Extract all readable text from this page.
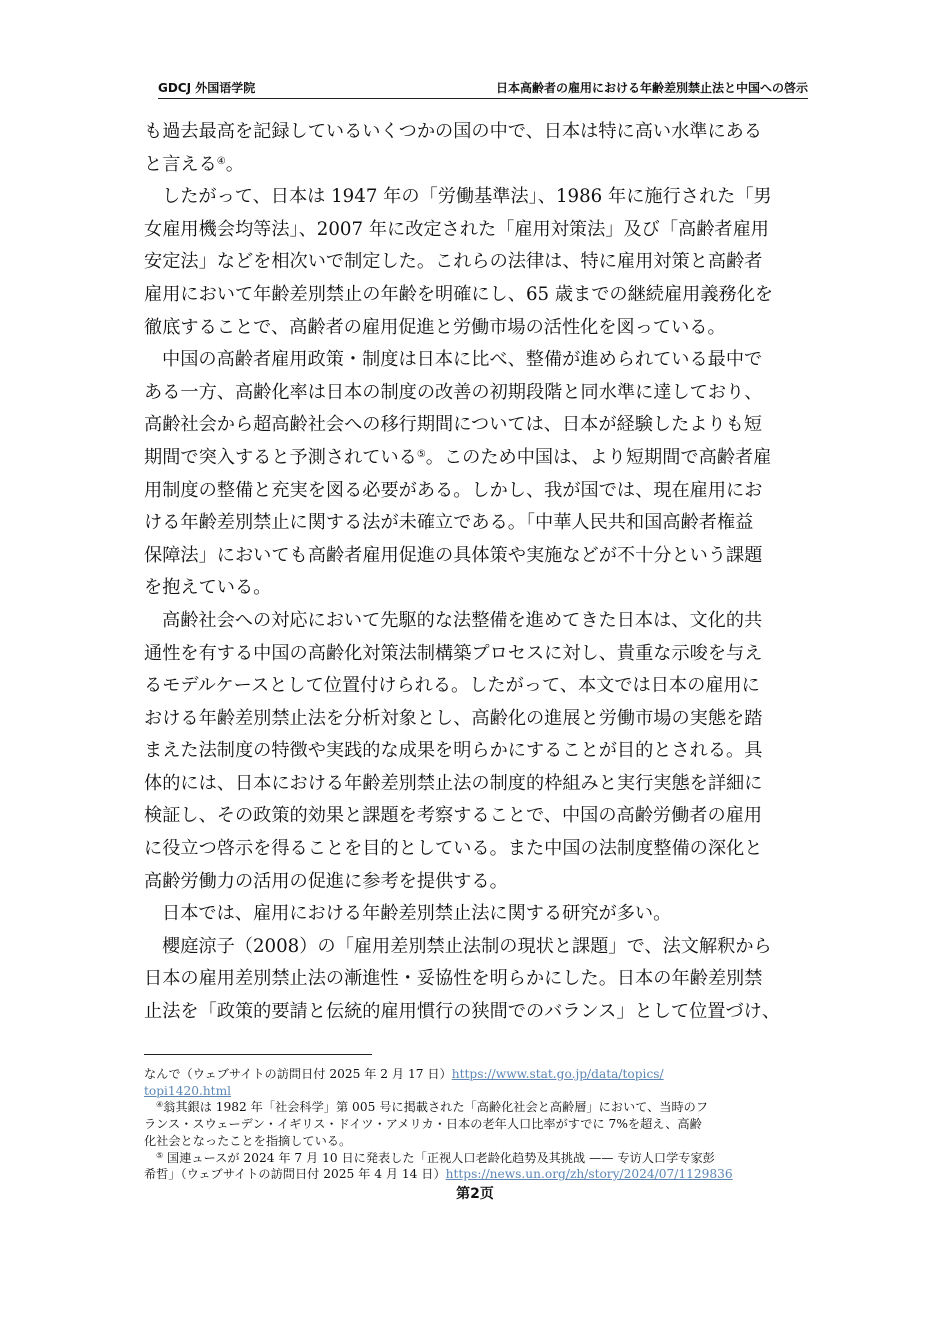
GDCJ 外国语学院	日本高齢者の雇用における年齢差別禁止法と中国への啓示

も過去最高を記録しているいくつかの国の中で、日本は特に高い水準にある
と言える④。

したがって、日本は 1947 年の「労働基準法」、1986 年に施行された「男
女雇用機会均等法」、2007 年に改定された「雇用対策法」及び「高齢者雇用
安定法」などを相次いで制定した。これらの法律は、特に雇用対策と高齢者
雇用において年齢差別禁止の年齢を明確にし、65 歳までの継続雇用義務化を
徹底することで、高齢者の雇用促進と労働市場の活性化を図っている。

中国の高齢者雇用政策・制度は日本に比べ、整備が進められている最中で
ある一方、高齢化率は日本の制度の改善の初期段階と同水準に達しており、
高齢社会から超高齢社会への移行期間については、日本が経験したよりも短
期間で突入すると予測されている⑤。このため中国は、より短期間で高齢者雇
用制度の整備と充実を図る必要がある。しかし、我が国では、現在雇用にお
ける年齢差別禁止に関する法が未確立である。「中華人民共和国高齢者権益
保障法」においても高齢者雇用促進の具体策や実施などが不十分という課題
を抱えている。

高齢社会への対応において先駆的な法整備を進めてきた日本は、文化的共
通性を有する中国の高齢化対策法制構築プロセスに対し、貴重な示唆を与え
るモデルケースとして位置付けられる。したがって、本文では日本の雇用に
おける年齢差別禁止法を分析対象とし、高齢化の進展と労働市場の実態を踏
まえた法制度の特徴や実践的な成果を明らかにすることが目的とされる。具
体的には、日本における年齢差別禁止法の制度的枠組みと実行実態を詳細に
検証し、その政策的効果と課題を考察することで、中国の高齢労働者の雇用
に役立つ啓示を得ることを目的としている。また中国の法制度整備の深化と
高齢労働力の活用の促進に参考を提供する。

日本では、雇用における年齢差別禁止法に関する研究が多い。

櫻庭涼子（2008）の「雇用差別禁止法制の現状と課題」で、法文解釈から
日本の雇用差別禁止法の漸進性・妥協性を明らかにした。日本の年齢差別禁
止法を「政策的要請と伝統的雇用慣行の狭間でのバランス」として位置づけ、

なんで（ウェブサイトの訪問日付 2025 年 2 月 17 日）https://www.stat.go.jp/data/topics/
topi1420.html
④翁其銀は 1982 年「社会科学」第 005 号に掲載された「高齢化社会と高齢層」において、当時のフ
ランス・スウェーデン・イギリス・ドイツ・アメリカ・日本の老年人口比率がすでに 7%を超え、高齢
化社会となったことを指摘している。
⑤ 国連ュースが 2024 年 7 月 10 日に発表した「正视人口老龄化趋势及其挑战 —— 专访人口学专家彭
希哲」（ウェブサイトの訪問日付 2025 年 4 月 14 日）https://news.un.org/zh/story/2024/07/1129836
第2页
